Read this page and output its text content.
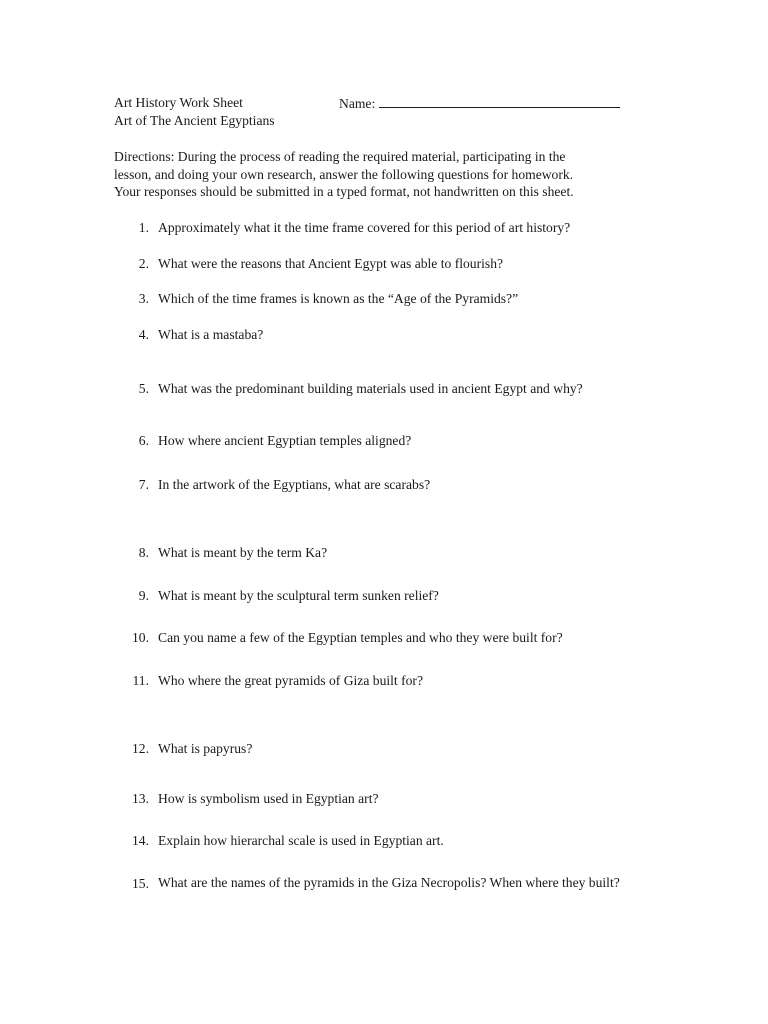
Art History Work Sheet	Name:
Art of The Ancient Egyptians
Directions: During the process of reading the required material, participating in the
lesson, and doing your own research, answer the following questions for homework.
Your responses should be submitted in a typed format, not handwritten on this sheet.
1. Approximately what it the time frame covered for this period of art history?
2. What were the reasons that Ancient Egypt was able to flourish?
3. Which of the time frames is known as the “Age of the Pyramids?”
4. What is a mastaba?
5. What was the predominant building materials used in ancient Egypt and why?
6. How where ancient Egyptian temples aligned?
7. In the artwork of the Egyptians, what are scarabs?
8. What is meant by the term Ka?
9. What is meant by the sculptural term sunken relief?
10. Can you name a few of the Egyptian temples and who they were built for?
11. Who where the great pyramids of Giza built for?
12. What is papyrus?
13. How is symbolism used in Egyptian art?
14. Explain how hierarchal scale is used in Egyptian art.
15. What are the names of the pyramids in the Giza Necropolis? When where they built?
